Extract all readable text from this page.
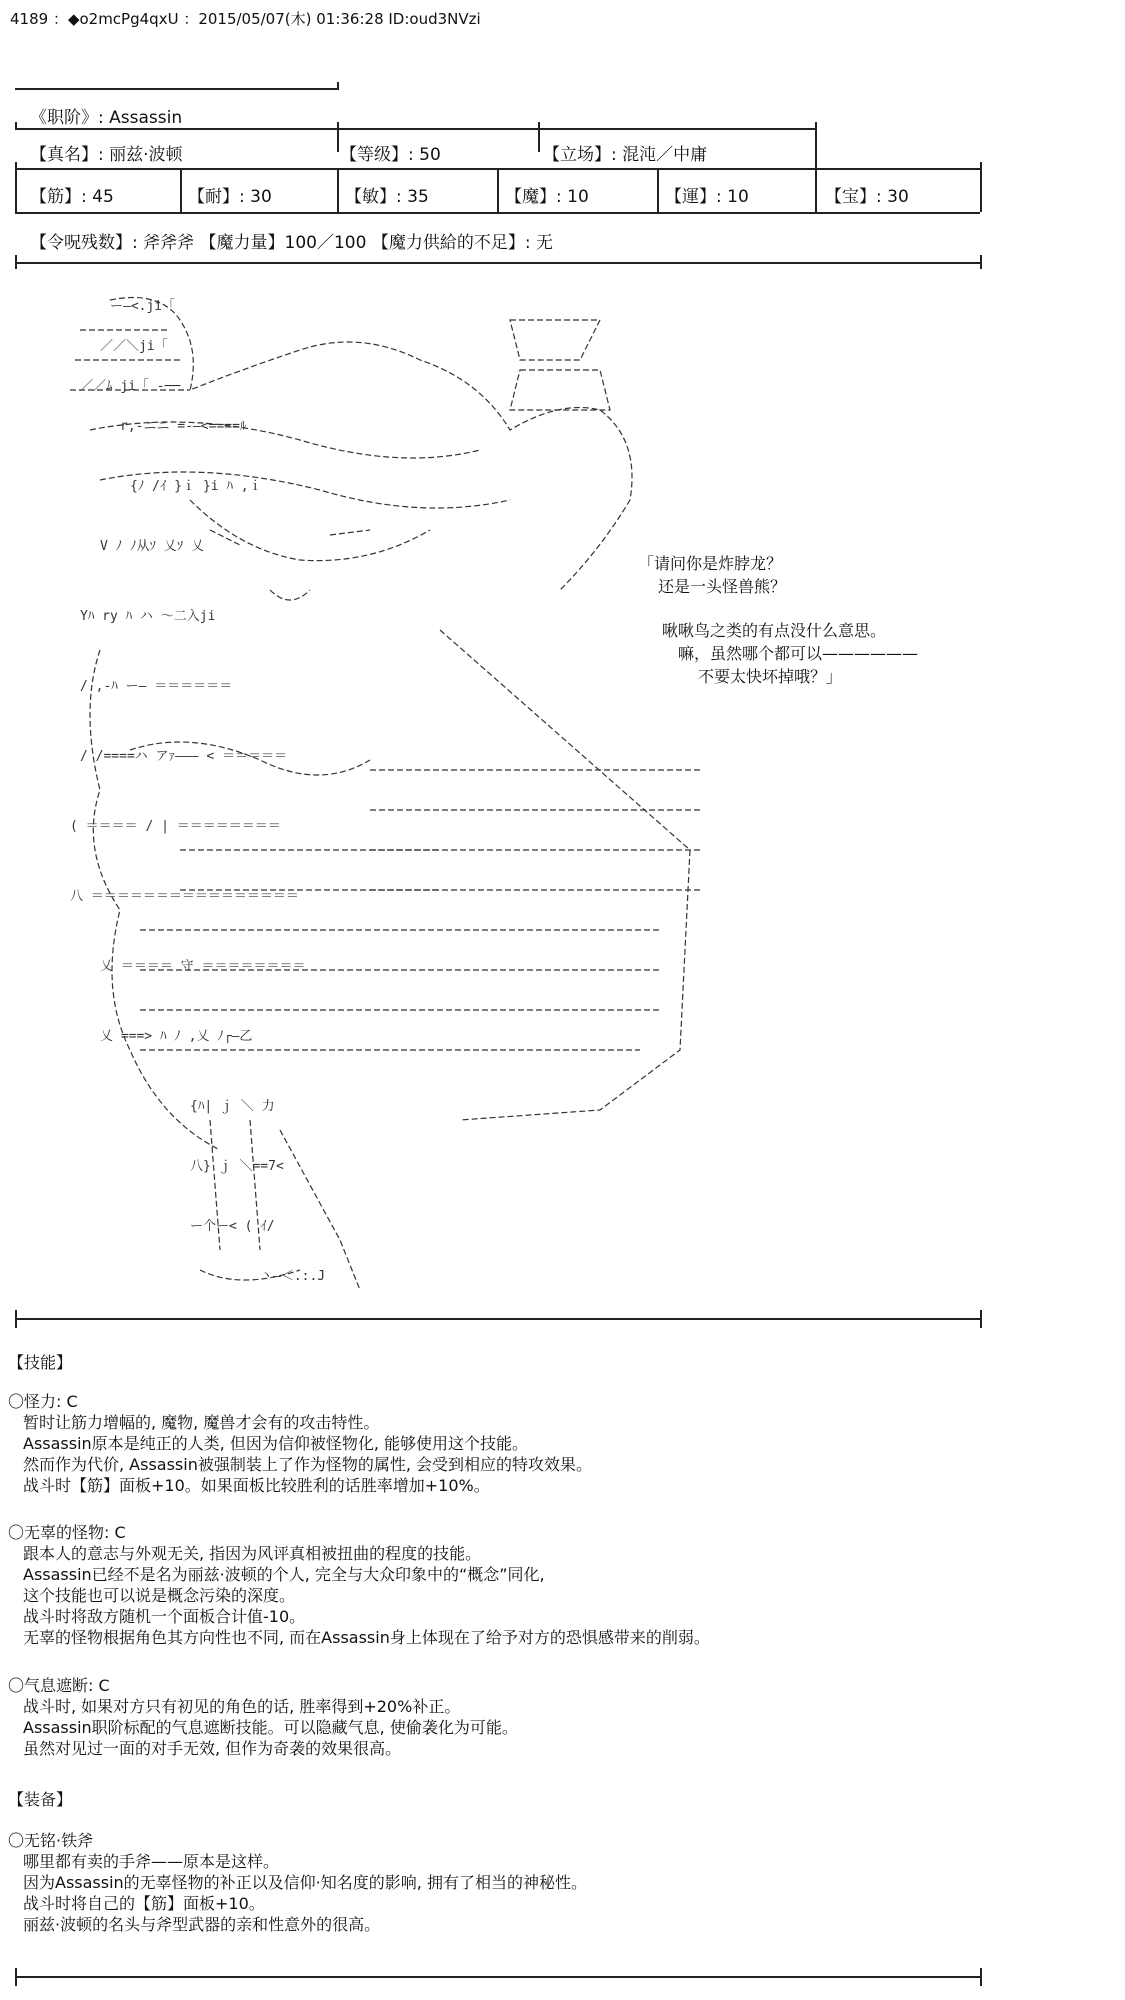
4189 ：◆o2mcPg4qxU ：2015/05/07(木) 01:36:28 ID:oud3NVzi
《职阶》: Assassin
【真名】: 丽兹·波顿	【等级】: 50	【立场】: 混沌／中庸
【筋】: 45	【耐】: 30	【敏】: 35	【魔】: 10	【運】: 10	【宝】: 30
【令呪残数】: 斧斧斧 【魔力量】100／100 【魔力供給的不足】: 无
ー―<.ji「
／／＼ji「
／／ﾑ ji「 ‐──
r,-ニニ =‐―<====ﾙ
{ﾉ /ｲ }ｉ }i ﾊ ,ｉ
V ﾉ ﾉ从ｿ 乂ｿ 乂
Yﾊ ry ﾊ ハ ～二入ji
/ ,-ﾊ ー― ＝＝＝＝＝＝
/ /====ハ アｧ――― < ＝＝＝＝＝
( ＝＝＝＝ / | ＝＝＝＝＝＝＝＝
八 ＝＝＝＝＝＝＝＝＝＝＝＝＝＝＝＝
乂 ＝＝＝＝ 守 ＝＝＝＝＝＝＝＝
乂 ===> ﾊ ﾉ ,乂 ﾉ┌―乙
{ﾊ| ｊ ＼ 力
八} ｊ ＼==7<
ー个ー< ( ｲ/
丶―＜.:.J
「请问你是炸脖龙？
还是一头怪兽熊？
啾啾鸟之类的有点没什么意思。
嘛，虽然哪个都可以——————
不要太快坏掉哦？」
【技能】
〇怪力: C
暂时让筋力增幅的, 魔物, 魔兽才会有的攻击特性。
Assassin原本是纯正的人类, 但因为信仰被怪物化, 能够使用这个技能。
然而作为代价, Assassin被强制装上了作为怪物的属性, 会受到相应的特攻效果。
战斗时【筋】面板+10。如果面板比较胜利的话胜率增加+10%。
〇无辜的怪物: C
跟本人的意志与外观无关, 指因为风评真相被扭曲的程度的技能。
Assassin已经不是名为丽兹·波顿的个人, 完全与大众印象中的“概念”同化,
这个技能也可以说是概念污染的深度。
战斗时将敌方随机一个面板合计值-10。
无辜的怪物根据角色其方向性也不同, 而在Assassin身上体现在了给予对方的恐惧感带来的削弱。
〇气息遮断: C
战斗时, 如果对方只有初见的角色的话, 胜率得到+20%补正。
Assassin职阶标配的气息遮断技能。可以隐藏气息, 使偷袭化为可能。
虽然对见过一面的对手无效, 但作为奇袭的效果很高。
【装备】
〇无铭·铁斧
哪里都有卖的手斧——原本是这样。
因为Assassin的无辜怪物的补正以及信仰·知名度的影响, 拥有了相当的神秘性。
战斗时将自己的【筋】面板+10。
丽兹·波顿的名头与斧型武器的亲和性意外的很高。
